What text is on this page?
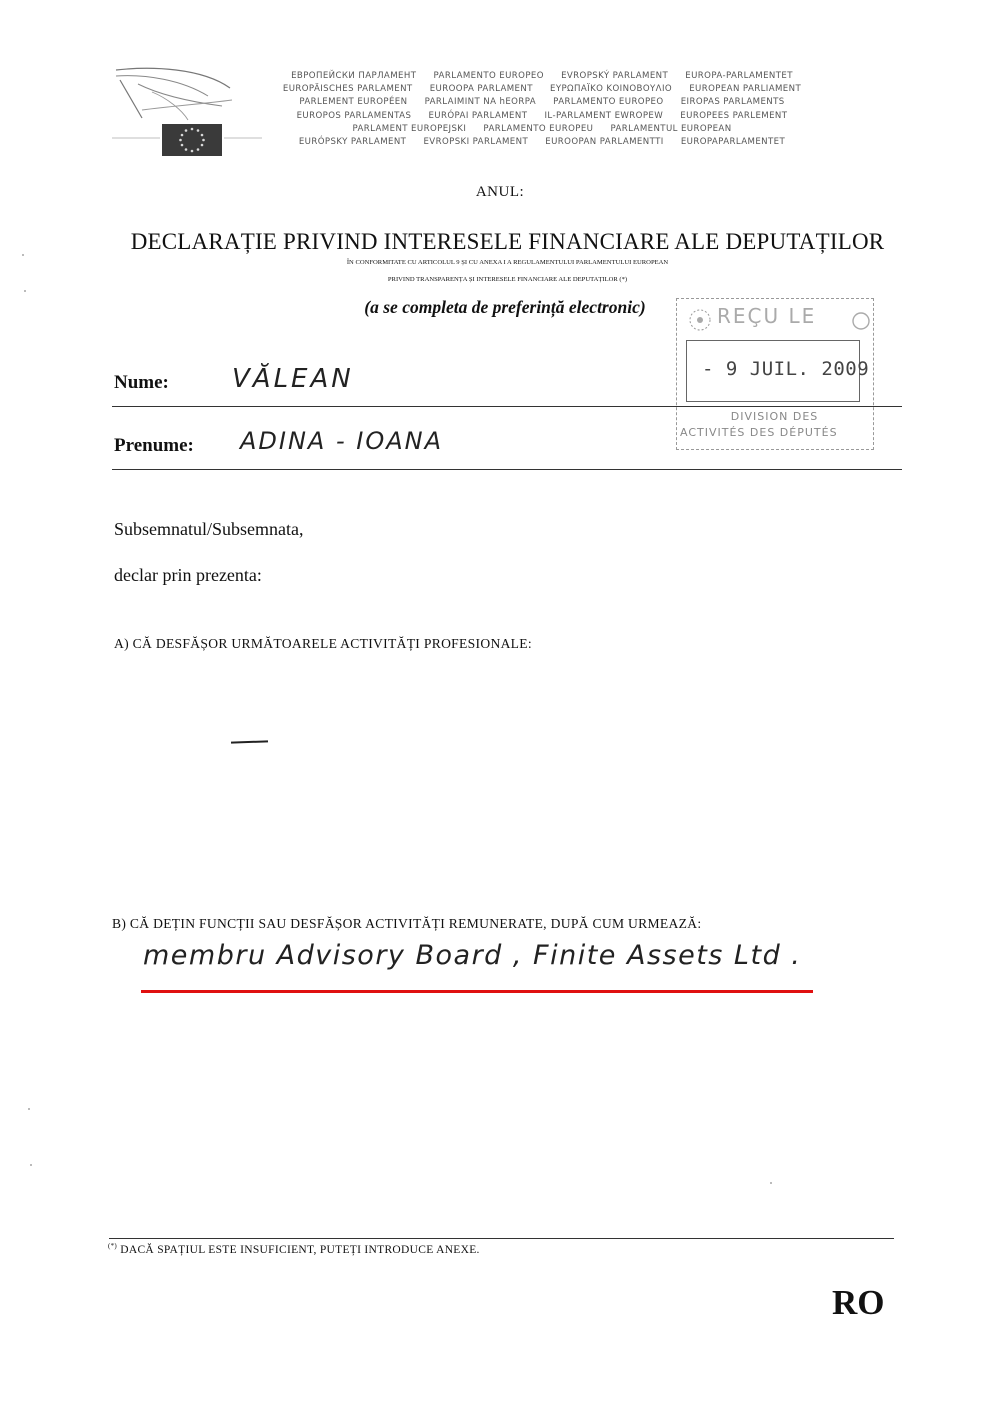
ЕВРОПЕЙСКИ ПАРЛАМЕНТ PARLAMENTO EUROPEO EVROPSKÝ PARLAMENT EUROPA-PARLAMENTET
EUROPÄISCHES PARLAMENT EUROOPA PARLAMENT ΕΥΡΩΠΑΪΚΟ ΚΟΙΝΟΒΟΥΛΙΟ EUROPEAN PARLIAMENT
PARLEMENT EUROPÉEN PARLAIMINT NA hEORPA PARLAMENTO EUROPEO EIROPAS PARLAMENTS
EUROPOS PARLAMENTAS EURÓPAI PARLAMENT IL-PARLAMENT EWROPEW EUROPEES PARLEMENT
PARLAMENT EUROPEJSKI PARLAMENTO EUROPEU PARLAMENTUL EUROPEAN
EURÓPSKY PARLAMENT EVROPSKI PARLAMENT EUROOPAN PARLAMENTTI EUROPAPARLAMENTET
ANUL:
DECLARAȚIE PRIVIND INTERESELE FINANCIARE ALE DEPUTAȚILOR
ÎN CONFORMITATE CU ARTICOLUL 9 ȘI CU ANEXA I A REGULAMENTULUI PARLAMENTULUI EUROPEAN
PRIVIND TRANSPARENȚA ȘI INTERESELE FINANCIARE ALE DEPUTAȚILOR (*)
(a se completa de preferință electronic)	REÇU LE
- 9 JUIL. 2009
DIVISION DES
ACTIVITÉS DES DÉPUTÉS
Nume: VĂLEAN
Prenume: ADINA - IOANA
Subsemnatul/Subsemnata,
declar prin prezenta:
A) CĂ DESFĂȘOR URMĂTOARELE ACTIVITĂȚI PROFESIONALE:
B) CĂ DEȚIN FUNCȚII SAU DESFĂȘOR ACTIVITĂȚI REMUNERATE, DUPĂ CUM URMEAZĂ:
membru Advisory Board , Finite Assets Ltd .
(*) DACĂ SPAȚIUL ESTE INSUFICIENT, PUTEȚI INTRODUCE ANEXE.
RO
